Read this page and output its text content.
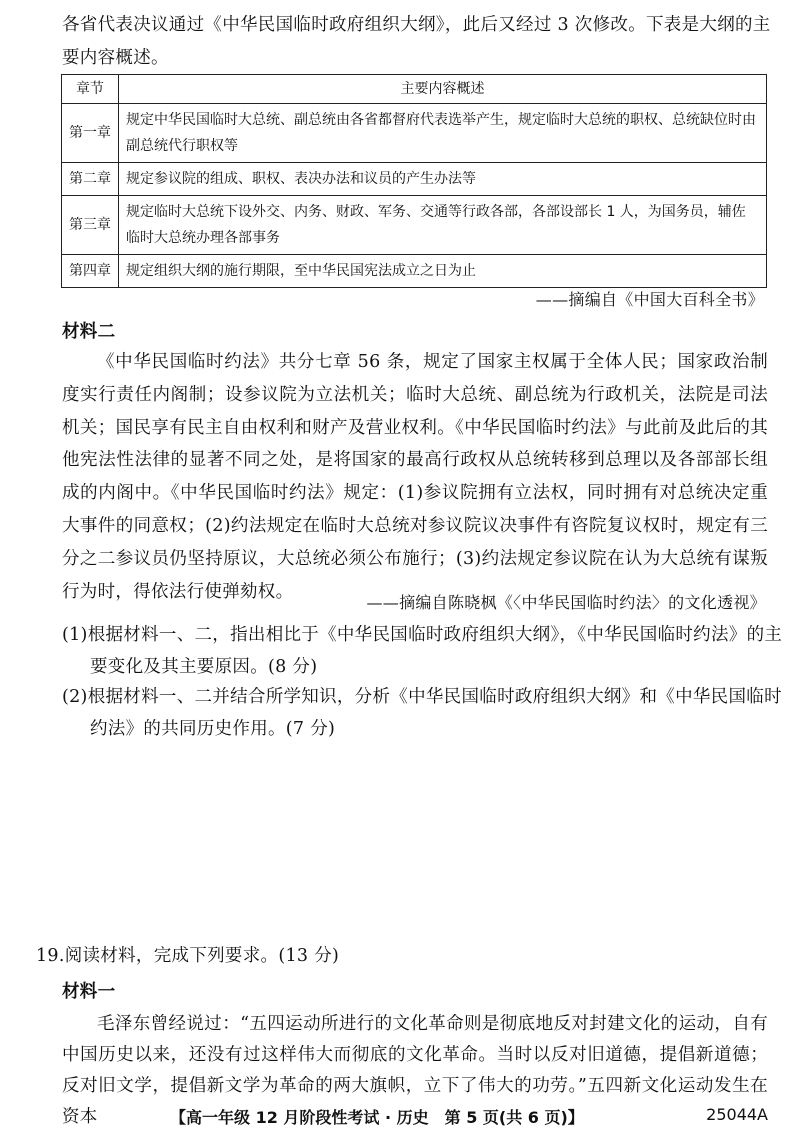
各省代表决议通过《中华民国临时政府组织大纲》，此后又经过 3 次修改。下表是大纲的主
要内容概述。
章节	主要内容概述
第一章	规定中华民国临时大总统、副总统由各省都督府代表选举产生，规定临时大总统的职权、总统缺位时由副总统代行职权等
第二章	规定参议院的组成、职权、表决办法和议员的产生办法等
第三章	规定临时大总统下设外交、内务、财政、军务、交通等行政各部，各部设部长 1 人，为国务员，辅佐临时大总统办理各部事务
第四章	规定组织大纲的施行期限，至中华民国宪法成立之日为止
——摘编自《中国大百科全书》
材料二
《中华民国临时约法》共分七章 56 条，规定了国家主权属于全体人民；国家政治制度实行责任内阁制；设参议院为立法机关；临时大总统、副总统为行政机关，法院是司法机关；国民享有民主自由权利和财产及营业权利。《中华民国临时约法》与此前及此后的其他宪法性法律的显著不同之处，是将国家的最高行政权从总统转移到总理以及各部部长组成的内阁中。《中华民国临时约法》规定：(1)参议院拥有立法权，同时拥有对总统决定重大事件的同意权；(2)约法规定在临时大总统对参议院议决事件有咨院复议权时，规定有三分之二参议员仍坚持原议，大总统必须公布施行；(3)约法规定参议院在认为大总统有谋叛行为时，得依法行使弹劾权。
——摘编自陈晓枫《〈中华民国临时约法〉的文化透视》
(1)根据材料一、二，指出相比于《中华民国临时政府组织大纲》，《中华民国临时约法》的主要变化及其主要原因。(8 分)
(2)根据材料一、二并结合所学知识，分析《中华民国临时政府组织大纲》和《中华民国临时约法》的共同历史作用。(7 分)
19.阅读材料，完成下列要求。(13 分)
材料一
毛泽东曾经说过：“五四运动所进行的文化革命则是彻底地反对封建文化的运动，自有中国历史以来，还没有过这样伟大而彻底的文化革命。当时以反对旧道德，提倡新道德；反对旧文学，提倡新文学为革命的两大旗帜，立下了伟大的功劳。”五四新文化运动发生在资本	【高一年级 12 月阶段性考试 · 历史　第 5 页(共 6 页)】	25044A
